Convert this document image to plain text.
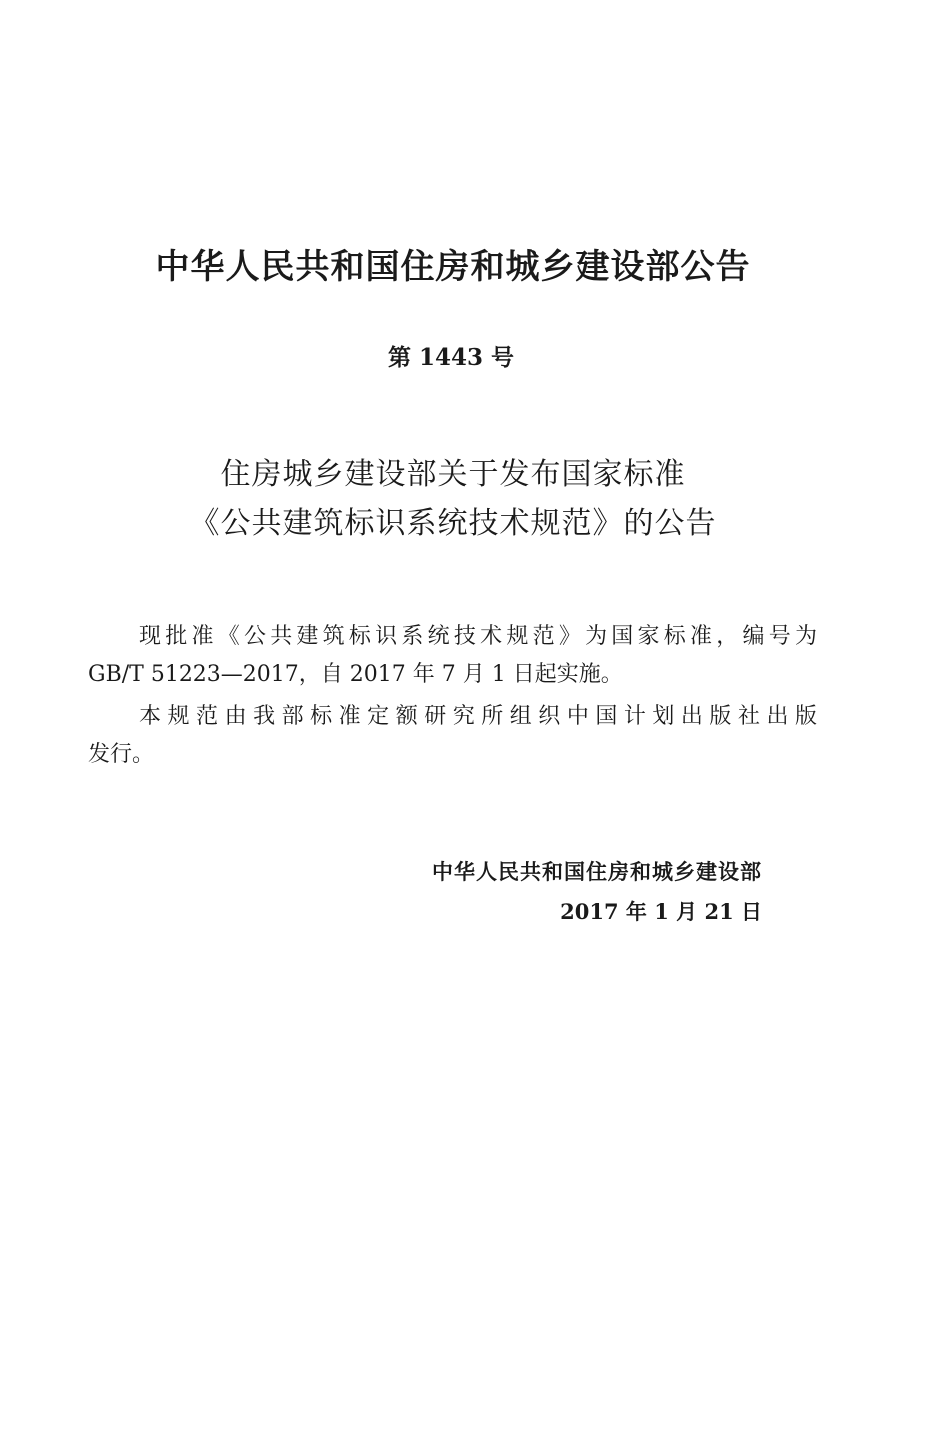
中华人民共和国住房和城乡建设部公告
第 1443 号
住房城乡建设部关于发布国家标准
《公共建筑标识系统技术规范》的公告
现批准《公共建筑标识系统技术规范》为国家标准，编号为
GB/T 51223—2017，自 2017 年 7 月 1 日起实施。
本规范由我部标准定额研究所组织中国计划出版社出版
发行。
中华人民共和国住房和城乡建设部
2017 年 1 月 21 日
